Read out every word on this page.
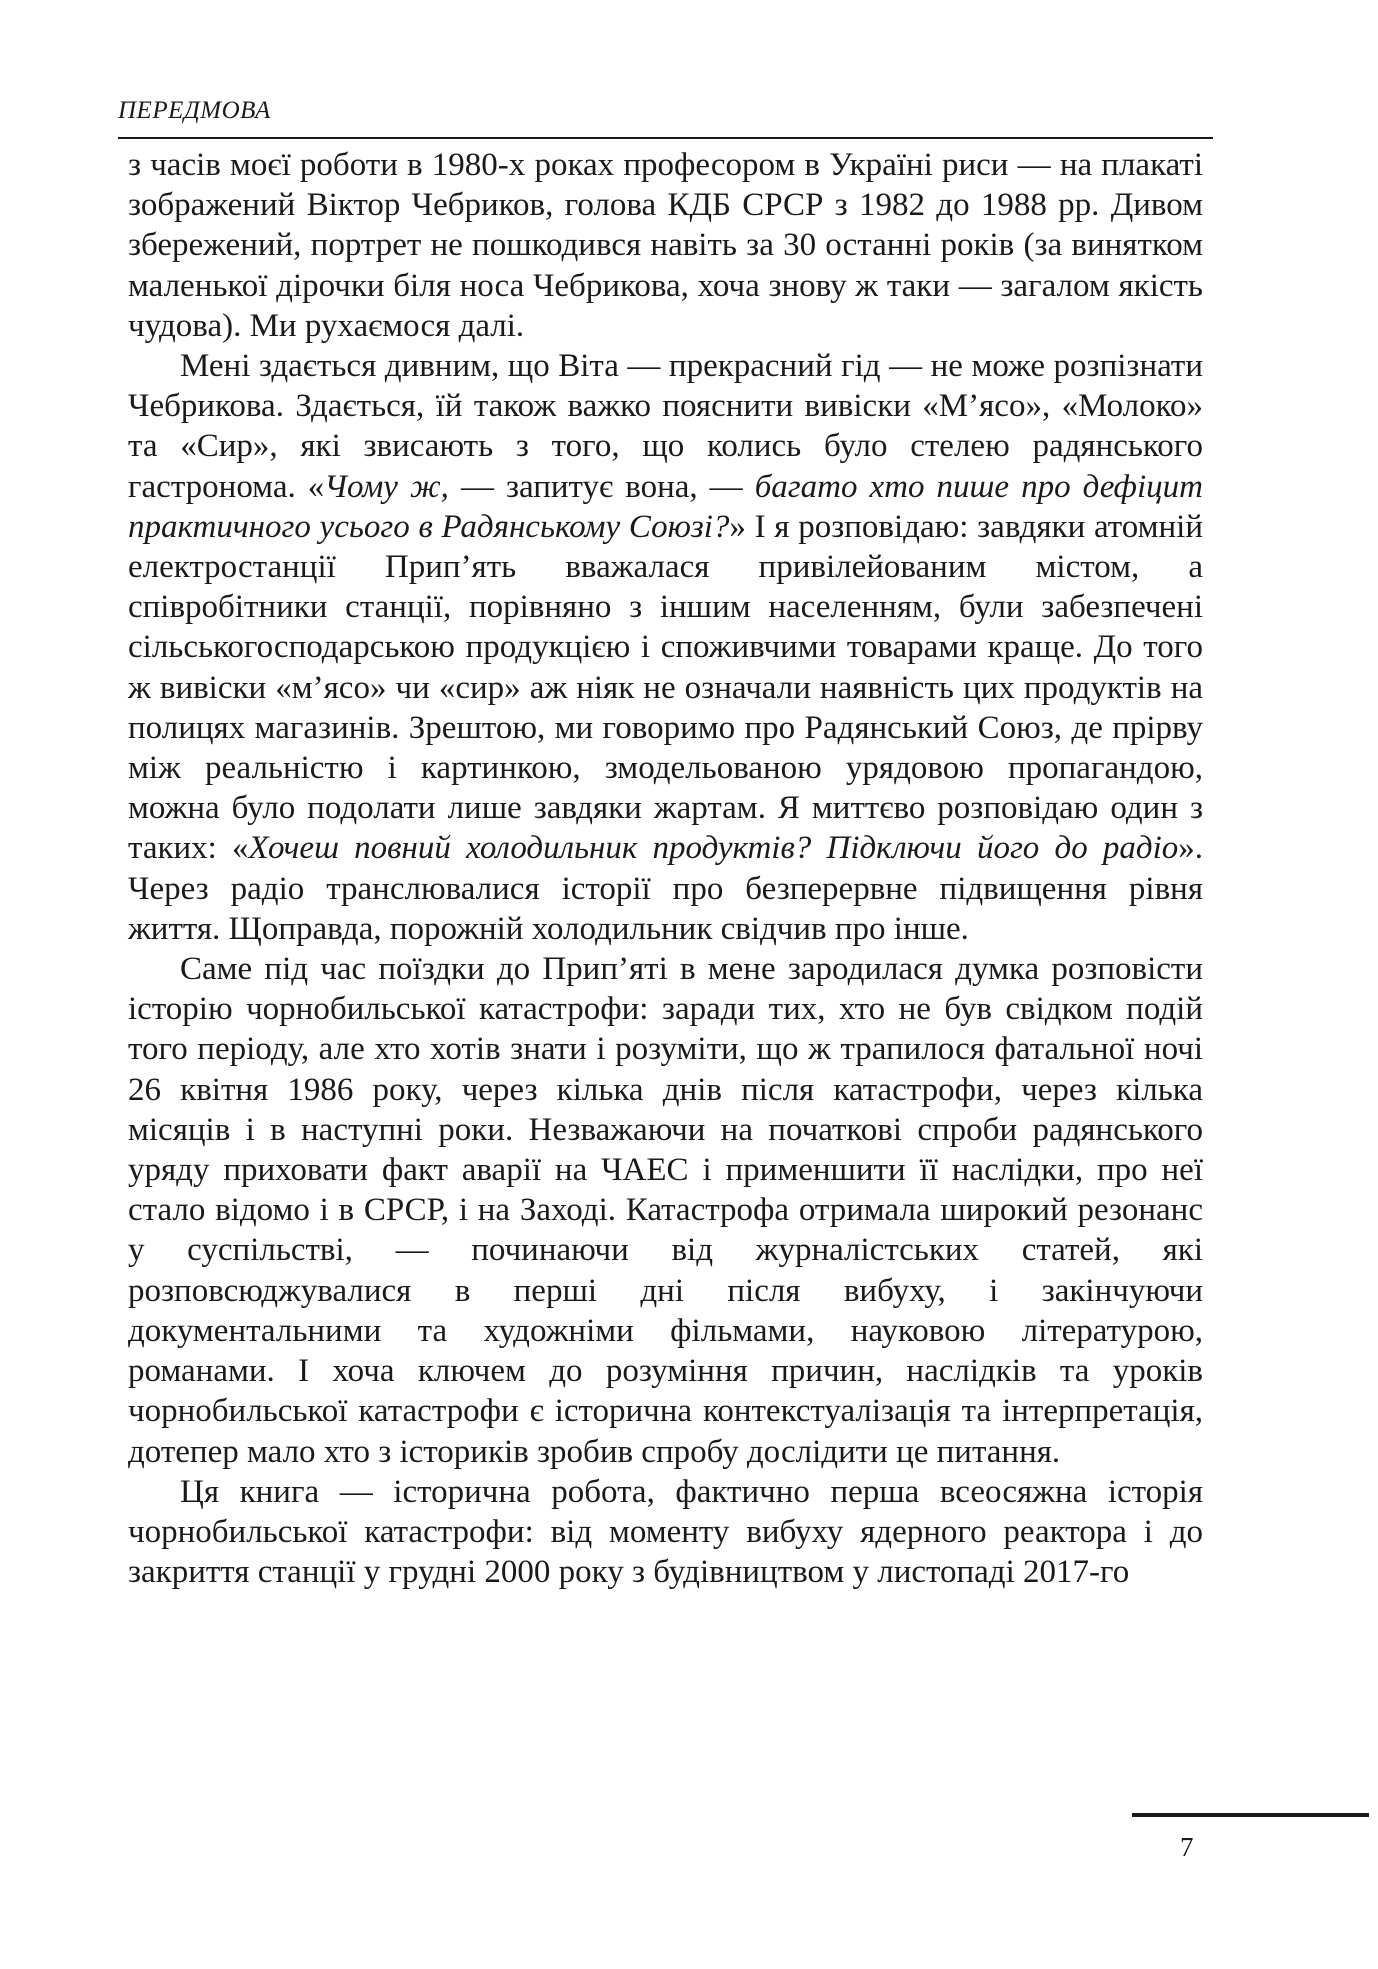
ПЕРЕДМОВА

з часів моєї роботи в 1980-х роках професором в Україні риси — на плакаті зображений Віктор Чебриков, голова КДБ СРСР з 1982 до 1988 рр. Дивом збережений, портрет не пошкодився навіть за 30 останні років (за винятком маленької дірочки біля носа Чебрикова, хоча знову ж таки — загалом якість чудова). Ми рухаємося далі.

Мені здається дивним, що Віта — прекрасний гід — не може розпізнати Чебрикова. Здається, їй також важко пояснити вивіски «М’ясо», «Молоко» та «Сир», які звисають з того, що колись було стелею радянського гастронома. «Чому ж, — запитує вона, — багато хто пише про дефіцит практичного усього в Радянському Союзі?» І я розповідаю: завдяки атомній електростанції Прип’ять вважалася привілейованим містом, а співробітники станції, порівняно з іншим населенням, були забезпечені сільськогосподарською продукцією і споживчими товарами краще. До того ж вивіски «м’ясо» чи «сир» аж ніяк не означали наявність цих продуктів на полицях магазинів. Зрештою, ми говоримо про Радянський Союз, де прірву між реальністю і картинкою, змодельованою урядовою пропагандою, можна було подолати лише завдяки жартам. Я миттєво розповідаю один з таких: «Хочеш повний холодильник продуктів? Підключи його до радіо». Через радіо транслювалися історії про безперервне підвищення рівня життя. Щоправда, порожній холодильник свідчив про інше.

Саме під час поїздки до Прип’яті в мене зародилася думка розповісти історію чорнобильської катастрофи: заради тих, хто не був свідком подій того періоду, але хто хотів знати і розуміти, що ж трапилося фатальної ночі 26 квітня 1986 року, через кілька днів після катастрофи, через кілька місяців і в наступні роки. Незважаючи на початкові спроби радянського уряду приховати факт аварії на ЧАЕС і применшити її наслідки, про неї стало відомо і в СРСР, і на Заході. Катастрофа отримала широкий резонанс у суспільстві, — починаючи від журналістських статей, які розповсюджувалися в перші дні після вибуху, і закінчуючи документальними та художніми фільмами, науковою літературою, романами. І хоча ключем до розуміння причин, наслідків та уроків чорнобильської катастрофи є історична контекстуалізація та інтерпретація, дотепер мало хто з істориків зробив спробу дослідити це питання.

Ця книга — історична робота, фактично перша всеосяжна історія чорнобильської катастрофи: від моменту вибуху ядерного реактора і до закриття станції у грудні 2000 року з будівництвом у листопаді 2017-го

7
